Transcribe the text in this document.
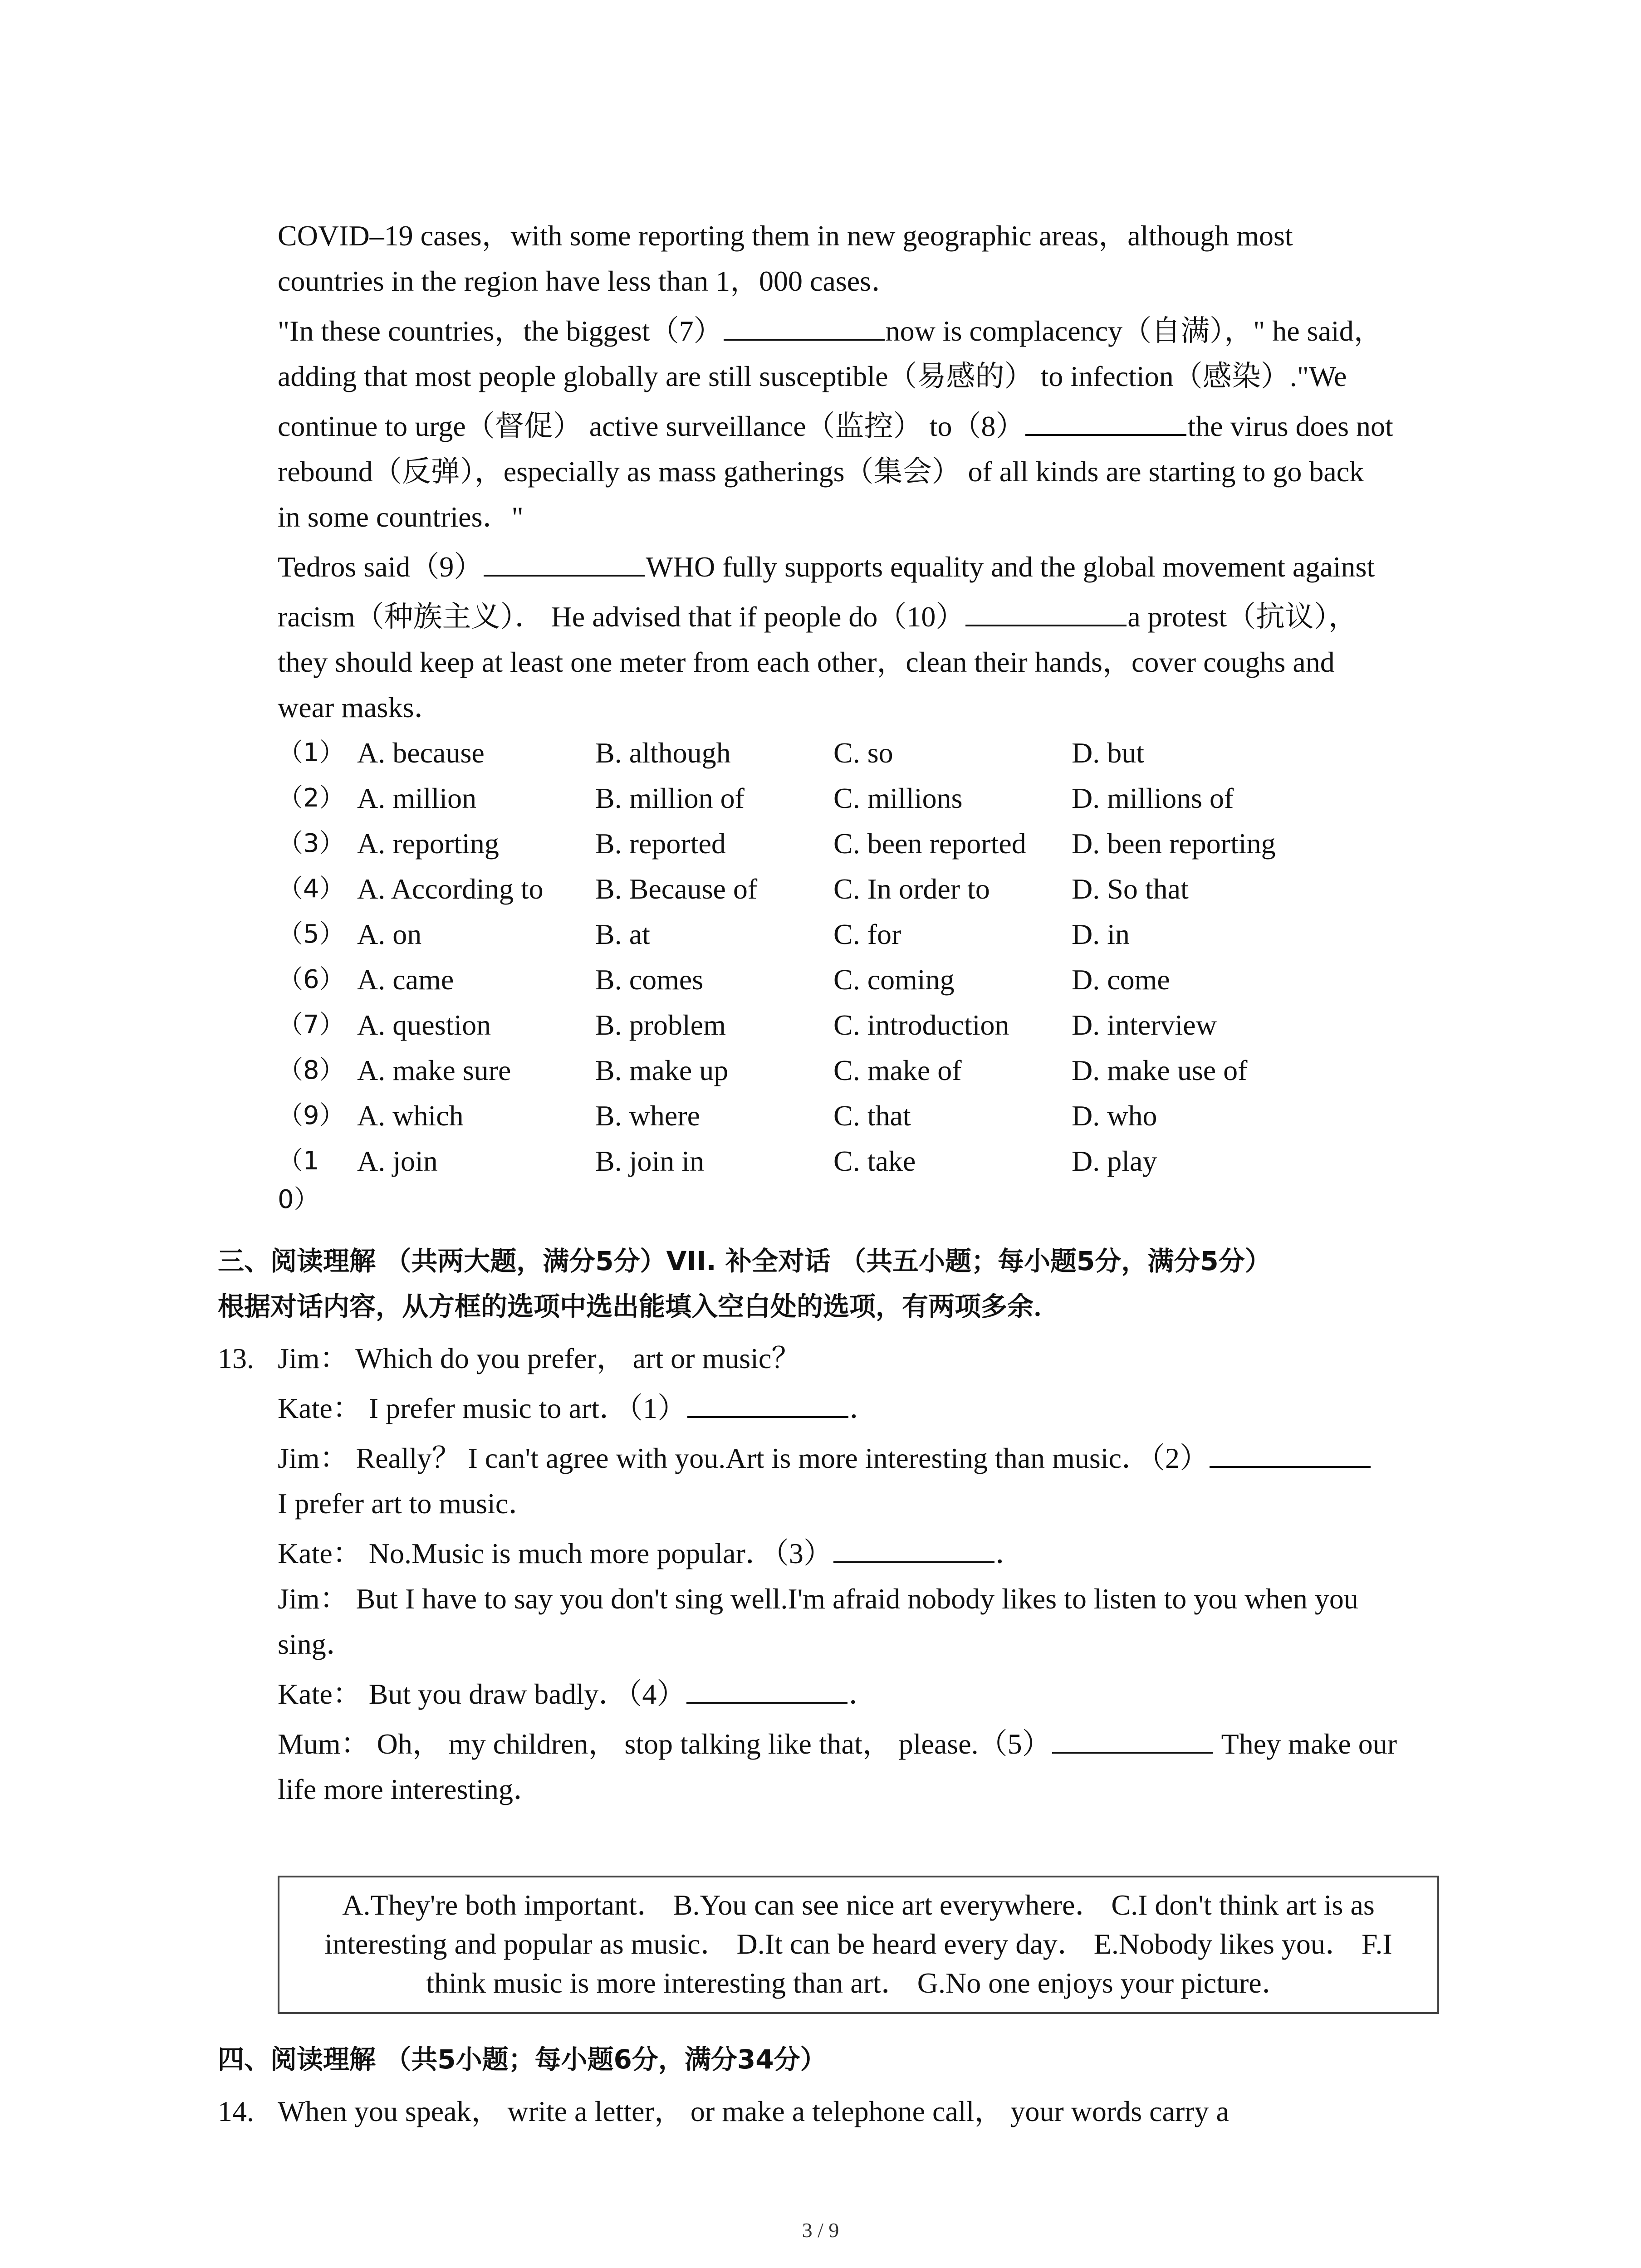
COVID–19 cases，with some reporting them in new geographic areas，although most
countries in the region have less than 1，000 cases．
"In these countries，the biggest（7）	now is complacency（自满），" he said，
adding that most people globally are still susceptible（易感的） to infection（感染）."We
continue to urge（督促） active surveillance（监控） to（8）	the virus does not
rebound（反弹），especially as mass gatherings（集会） of all kinds are starting to go back
in some countries．"
Tedros said（9）	WHO fully supports equality and the global movement against
racism（种族主义）． He advised that if people do（10）	a protest（抗议），
they should keep at least one meter from each other，clean their hands，cover coughs and
wear masks．
（1） A. because	B. although	C. so	D. but
（2） A. million	B. million of	C. millions	D. millions of
（3） A. reporting	B. reported	C. been reported D. been reporting
（4） A. According to B. Because of	C. In order to	D. So that
（5） A. on	B. at	C. for	D. in
（6） A. came	B. comes	C. coming	D. come
（7） A. question	B. problem	C. introduction D. interview
（8） A. make sure	B. make up	C. make of	D. make use of
（9） A. which	B. where	C. that	D. who
（1	A. join	B. join in	C. take	D. play
0）
三、阅读理解 （共两大题，满分5分）VII. 补全对话 （共五小题；每小题5分，满分5分）
根据对话内容，从方框的选项中选出能填入空白处的选项，有两项多余．
13. Jim： Which do you prefer， art or music？
Kate： I prefer music to art．（1）	．
Jim： Really？ I can't agree with you.Art is more interesting than music．（2）
I prefer art to music．
Kate： No.Music is much more popular．（3）	．
Jim： But I have to say you don't sing well.I'm afraid nobody likes to listen to you when you
sing．
Kate： But you draw badly．（4）	．
Mum： Oh， my children， stop talking like that， please.（5）	They make our
life more interesting．
A.They're both important． B.You can see nice art everywhere． C.I don't think art is as interesting and popular as music． D.It can be heard every day． E.Nobody likes you． F.I think music is more interesting than art． G.No one enjoys your picture．
四、阅读理解 （共5小题；每小题6分，满分34分）
14. When you speak， write a letter， or make a telephone call， your words carry a
3 / 9
